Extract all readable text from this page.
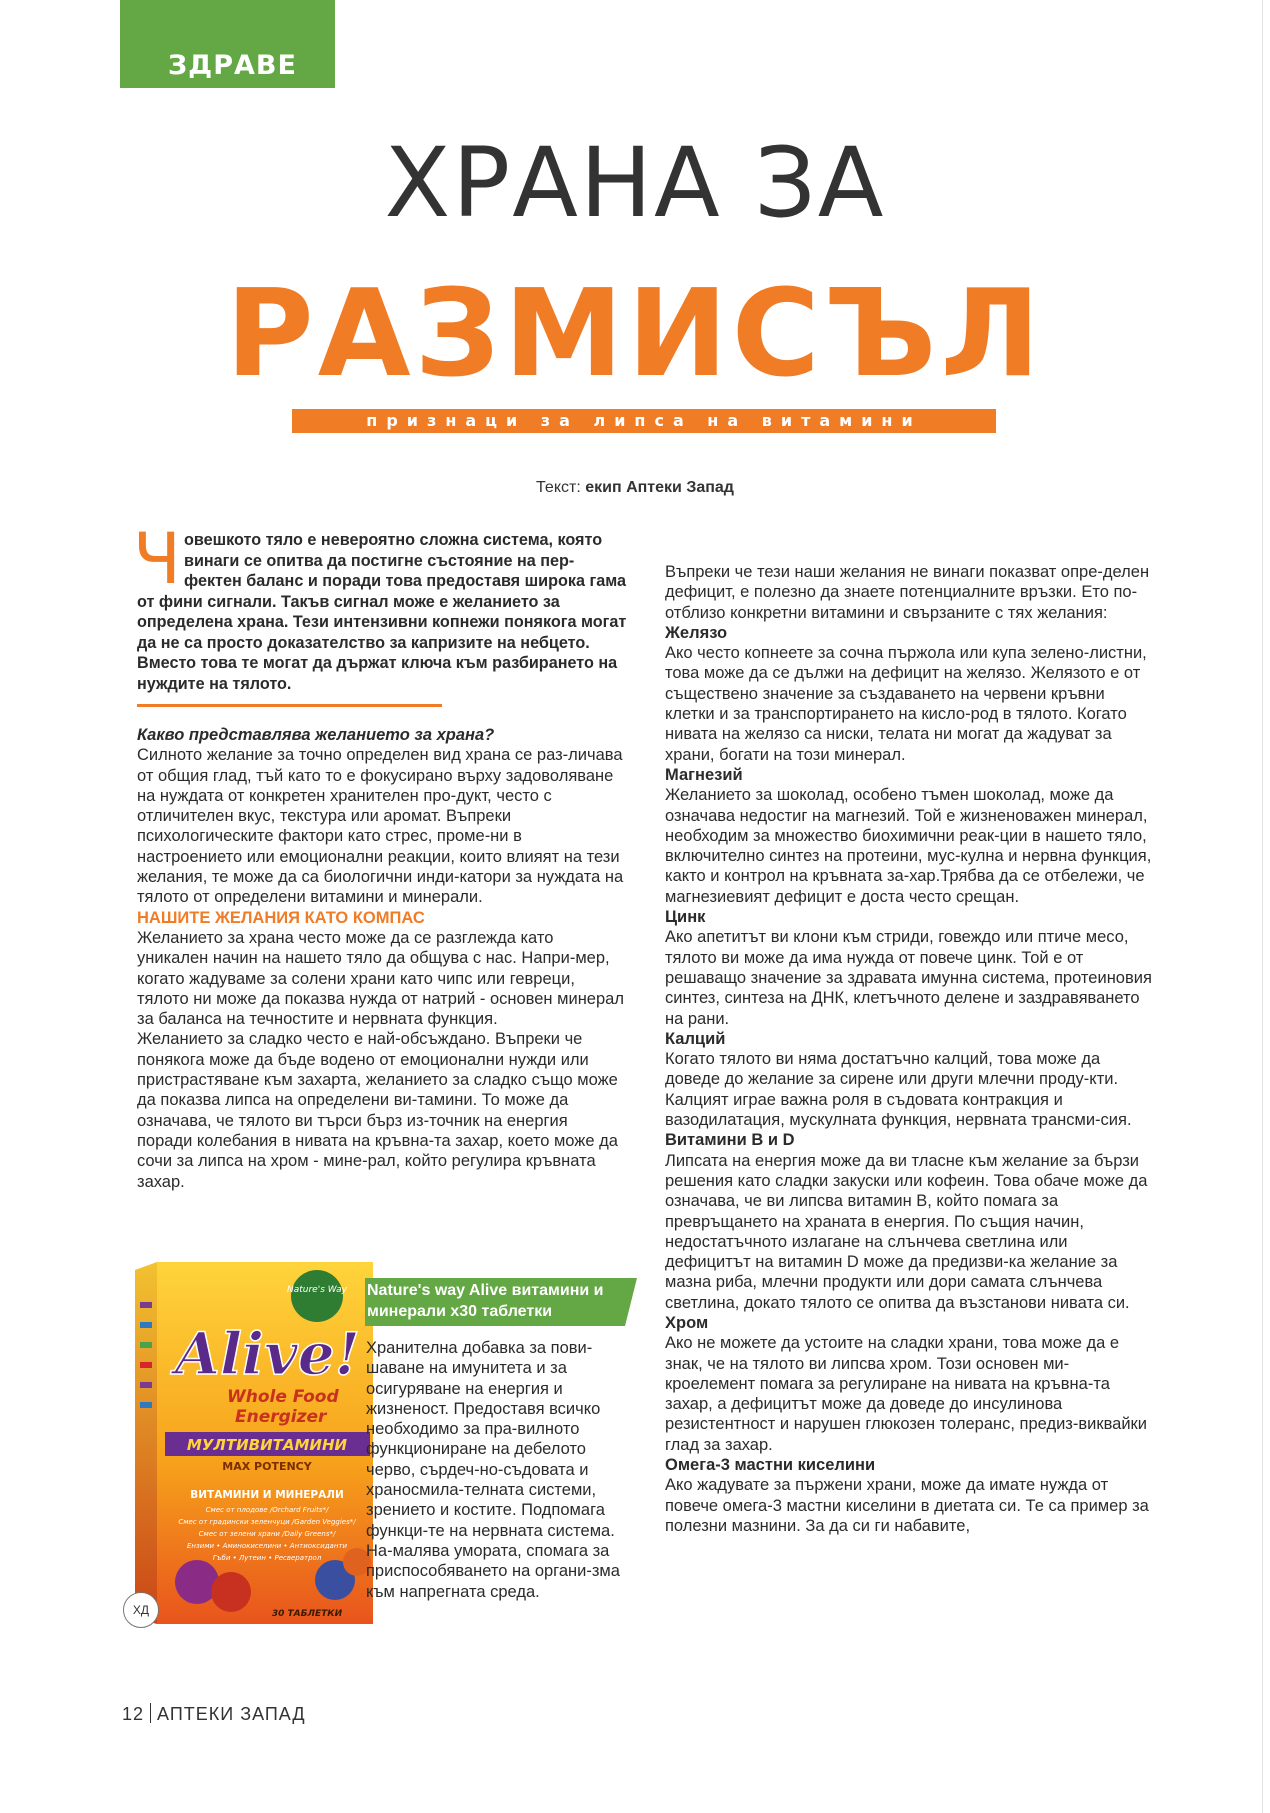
ЗДРАВЕ
ХРАНА ЗА
РАЗМИСЪЛ
признаци за липса на витамини
Текст: екип Аптеки Запад

Човешкото тяло е невероятно сложна система, която винаги се опитва да постигне състояние на пер-фектен баланс и поради това предоставя широка гама от фини сигнали. Такъв сигнал може е желанието за определена храна. Тези интензивни копнежи понякога могат да не са просто доказателство за капризите на небцето. Вместо това те могат да държат ключа към разбирането на нуждите на тялото.

Какво представлява желанието за храна?

Силното желание за точно определен вид храна се раз-личава от общия глад, тъй като то е фокусирано върху задоволяване на нуждата от конкретен хранителен про-дукт, често с отличителен вкус, текстура или аромат. Въпреки психологическите фактори като стрес, проме-ни в настроението или емоционални реакции, които влияят на тези желания, те може да са биологични инди-катори за нуждата на тялото от определени витамини и минерали.

НАШИТЕ ЖЕЛАНИЯ КАТО КОМПАС

Желанието за храна често може да се разглежда като уникален начин на нашето тяло да общува с нас. Напри-мер, когато жадуваме за солени храни като чипс или гевреци, тялото ни може да показва нужда от натрий - основен минерал за баланса на течностите и нервната функция.

Желанието за сладко често е най-обсъждано. Въпреки че понякога може да бъде водено от емоционални нужди или пристрастяване към захарта, желанието за сладко също може да показва липса на определени ви-тамини. То може да означава, че тялото ви търси бърз из-точник на енергия поради колебания в нивата на кръвна-та захар, което може да сочи за липса на хром - мине-рал, който регулира кръвната захар.

Nature's Way
Alive!
Whole Food
Energizer
МУЛТИВИТАМИНИ
MAX POTENCY
ВИТАМИНИ И МИНЕРАЛИ
Смес от плодове /Orchard Fruits*/
Смес от градински зеленчуци /Garden Veggies*/
Смес от зелени храни /Daily Greens*/
Ензими • Аминокиселини • Антиоксиданти
Гъби • Лутеин • Ресвератрол
30 ТАБЛЕТКИ
ХД
Nature's way Alive витамини и минерали x30 таблетки
Хранителна добавка за пови-шаване на имунитета и за осигуряване на енергия и жизненост. Предоставя всичко необходимо за пра-вилното функциониране на дебелото черво, сърдеч-но-съдовата и храносмила-телната системи, зрението и костите. Подпомага функци-те на нервната система. На-малява умората, спомага за приспособяването на органи-зма към напрегната среда.

Въпреки че тези наши желания не винаги показват опре-делен дефицит, е полезно да знаете потенциалните връзки. Ето по-отблизо конкретни витамини и свързаните с тях желания:

Желязо

Ако често копнеете за сочна пържола или купа зелено-листни, това може да се дължи на дефицит на желязо. Желязото е от съществено значение за създаването на червени кръвни клетки и за транспортирането на кисло-род в тялото. Когато нивата на желязо са ниски, телата ни могат да жадуват за храни, богати на този минерал.

Магнезий

Желанието за шоколад, особено тъмен шоколад, може да означава недостиг на магнезий. Той е жизненоважен минерал, необходим за множество биохимични реак-ции в нашето тяло, включително синтез на протеини, мус-кулна и нервна функция, както и контрол на кръвната за-хар.Трябва да се отбележи, че магнезиевият дефицит е доста често срещан.

Цинк

Ако апетитът ви клони към стриди, говеждо или птиче месо, тялото ви може да има нужда от повече цинк. Той е от решаващо значение за здравата имунна система, протеиновия синтез, синтеза на ДНК, клетъчното делене и заздравяването на рани.

Калций

Когато тялото ви няма достатъчно калций, това може да доведе до желание за сирене или други млечни проду-кти. Калцият играе важна роля в съдовата контракция и вазодилатация, мускулната функция, нервната трансми-сия.

Витамини B и D

Липсата на енергия може да ви тласне към желание за бързи решения като сладки закуски или кофеин. Това обаче може да означава, че ви липсва витамин B, който помага за превръщането на храната в енергия. По същия начин, недостатъчното излагане на слънчева светлина или дефицитът на витамин D може да предизви-ка желание за мазна риба, млечни продукти или дори самата слънчева светлина, докато тялото се опитва да възстанови нивата си.

Хром

Ако не можете да устоите на сладки храни, това може да е знак, че на тялото ви липсва хром. Този основен ми-кроелемент помага за регулиране на нивата на кръвна-та захар, а дефицитът може да доведе до инсулинова резистентност и нарушен глюкозен толеранс, предиз-виквайки глад за захар.

Омега-3 мастни киселини

Ако жадувате за пържени храни, може да имате нужда от повече омега-3 мастни киселини в диетата си. Те са пример за полезни мазнини. За да си ги набавите,

12 АПТЕКИ ЗАПАД
